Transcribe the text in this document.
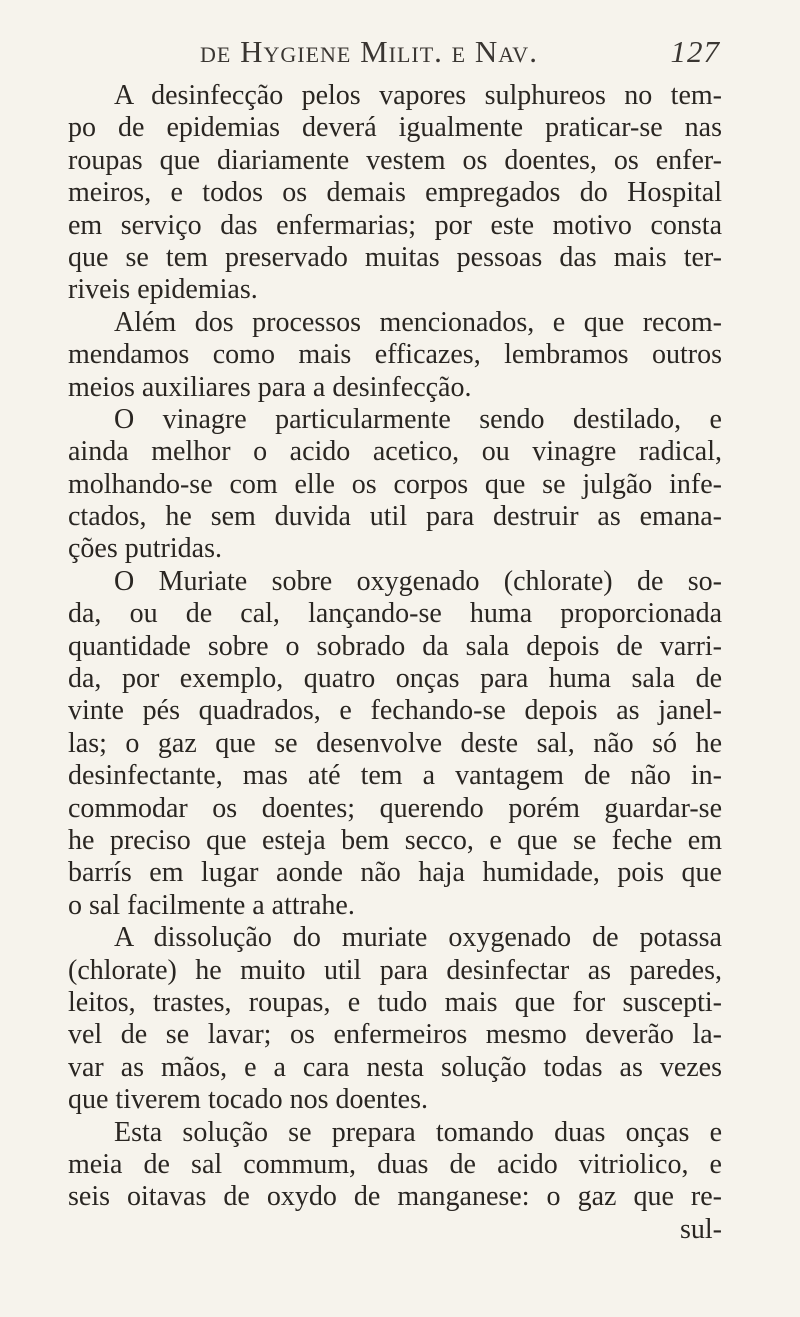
de Hygiene Milit. e Nav.	127
A desinfecção pelos vapores sulphureos no tem-
po de epidemias deverá igualmente praticar-se nas
roupas que diariamente vestem os doentes, os enfer-
meiros, e todos os demais empregados do Hospital
em serviço das enfermarias; por este motivo consta
que se tem preservado muitas pessoas das mais ter-
riveis epidemias.
Além dos processos mencionados, e que recom-
mendamos como mais efficazes, lembramos outros
meios auxiliares para a desinfecção.
O vinagre particularmente sendo destilado, e
ainda melhor o acido acetico, ou vinagre radical,
molhando-se com elle os corpos que se julgão infe-
ctados, he sem duvida util para destruir as emana-
ções putridas.
O Muriate sobre oxygenado (chlorate) de so-
da, ou de cal, lançando-se huma proporcionada
quantidade sobre o sobrado da sala depois de varri-
da, por exemplo, quatro onças para huma sala de
vinte pés quadrados, e fechando-se depois as janel-
las; o gaz que se desenvolve deste sal, não só he
desinfectante, mas até tem a vantagem de não in-
commodar os doentes; querendo porém guardar-se
he preciso que esteja bem secco, e que se feche em
barrís em lugar aonde não haja humidade, pois que
o sal facilmente a attrahe.
A dissolução do muriate oxygenado de potassa
(chlorate) he muito util para desinfectar as paredes,
leitos, trastes, roupas, e tudo mais que for suscepti-
vel de se lavar; os enfermeiros mesmo deverão la-
var as mãos, e a cara nesta solução todas as vezes
que tiverem tocado nos doentes.
Esta solução se prepara tomando duas onças e
meia de sal commum, duas de acido vitriolico, e
seis oitavas de oxydo de manganese: o gaz que re-
sul-
